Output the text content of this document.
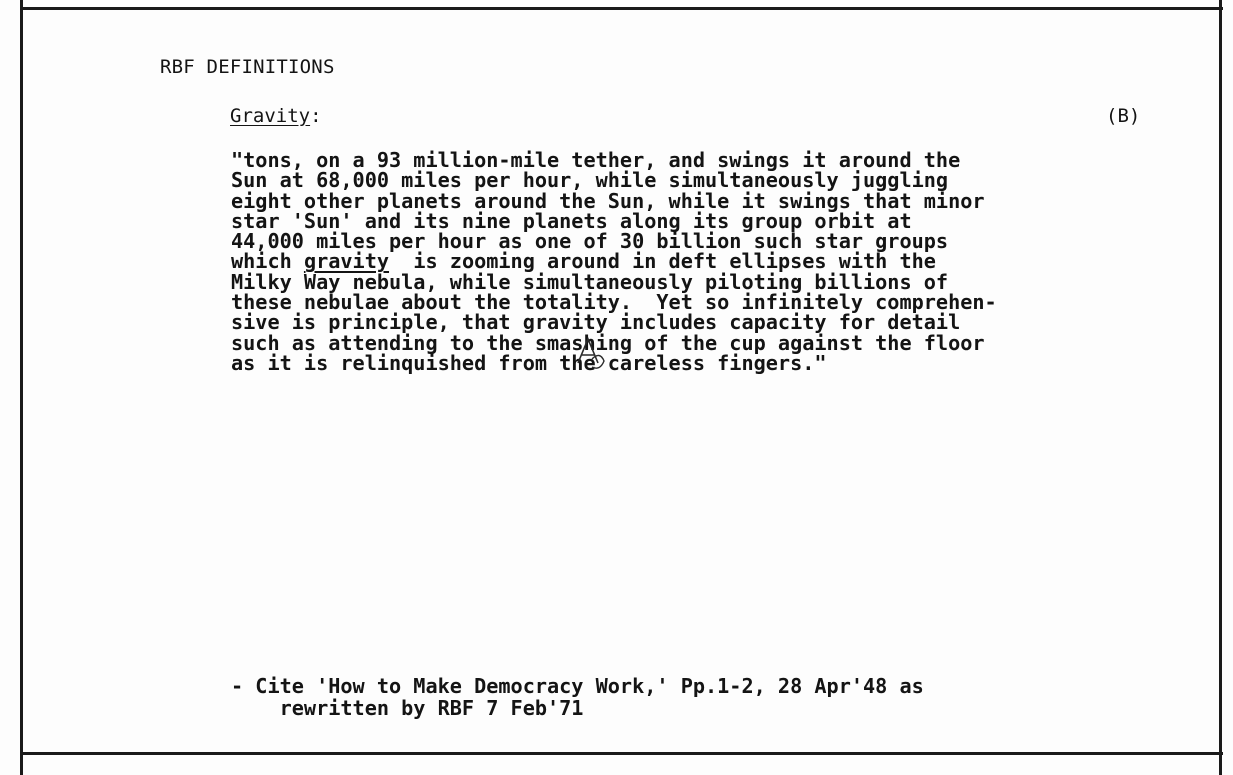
RBF DEFINITIONS
Gravity:	(B)
"tons, on a 93 million-mile tether, and swings it around the
Sun at 68,000 miles per hour, while simultaneously juggling
eight other planets around the Sun, while it swings that minor
star 'Sun' and its nine planets along its group orbit at
44,000 miles per hour as one of 30 billion such star groups
which gravity  is zooming around in deft ellipses with the
Milky Way nebula, while simultaneously piloting billions of
these nebulae about the totality.  Yet so infinitely comprehen-
sive is principle, that gravity includes capacity for detail
such as attending to the smashing of the cup against the floor
as it is relinquished from the careless fingers."
- Cite 'How to Make Democracy Work,' Pp.1-2, 28 Apr'48 as
rewritten by RBF 7 Feb'71
